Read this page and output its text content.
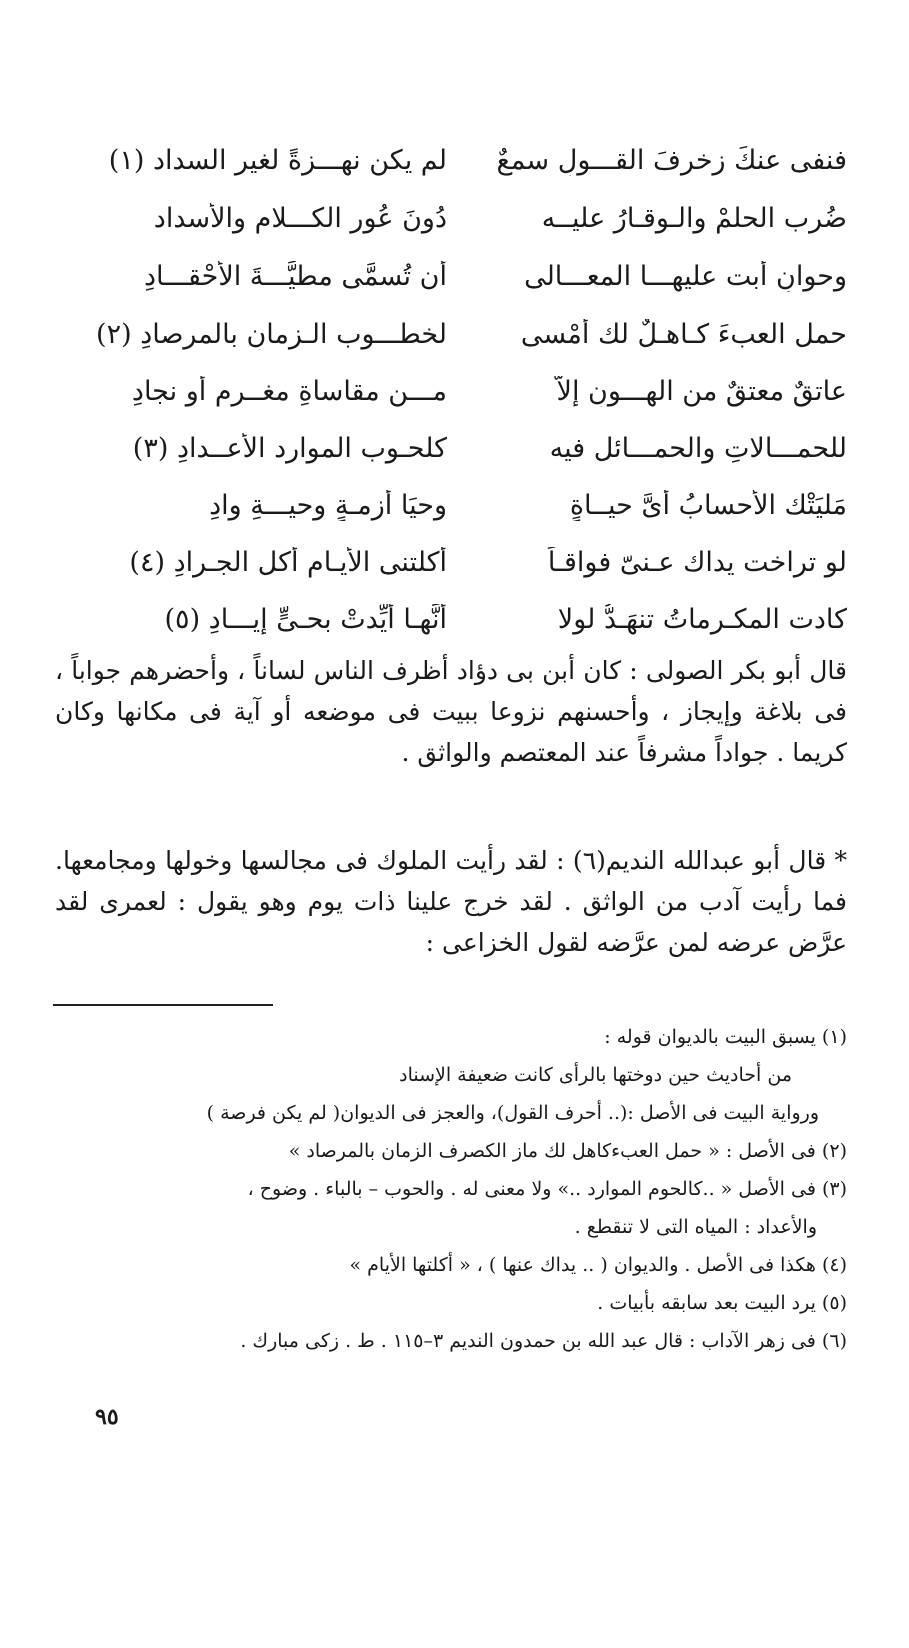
فنفى عنكَ زخرفَ القـــولِ سمعٌ
لم يكن نهـــزةً لغير السداد (١)
ضُرب الحلمْ والـوقـارُ عليــه
دُونَ عُورِ الكـــلام والأسداد
وحوانٍ أبت عليهـــا المعـــالى
أن تُسمَّى مطيَّـــةَ الأحْقـــادِ
حمل العبءَ كـاهـلٌ لك أمْسى
لخطـــوب الـزمانِ بالمرصادِ (٢)
عاتقٌ معتقٌ من الهـــونِ إلاَّ
مـــن مقاساةِ مغــرمٍ أو نجادِ
للحمـــالاتِ والحمـــائل فيه
كلحـوب الموارد الأعــدادِ (٣)
مَليَتْك الأحسابُ أىَّ حيــاةٍ
وحيَا أزمـةٍ وحيـــةِ وادِ
لو تراخت يداك عـنىّ فواقـاً
أكلتنى الأيـام أكل الجـرادِ (٤)
كادت المكـرماتُ تنهَـدُّ لولا
أنَّهـا أُيِّدتْ بحـىٍّ إيـــادِ (٥)

قال أبو بكر الصولى : كان أبن بى دؤاد أظرف الناس لساناً ، وأحضرهم جواباً ، فى بلاغة وإيجاز ، وأحسنهم نزوعا ببيت فى موضعه أو آية فى مكانها وكان كريما . جواداً مشرفاً عند المعتصم والواثق .

* قال أبو عبدالله النديم(٦) : لقد رأيت الملوك فى مجالسها وخولها ومجامعها. فما رأيت آدب من الواثق . لقد خرج علينا ذات يوم وهو يقول : لعمرى لقد عرَّض عرضه لمن عرَّضه لقول الخزاعى :

(١) يسبق البيت بالديوان قوله :

من أحاديث حين دوختها بالرأى كانت ضعيفة الإسناد

ورواية البيت فى الأصل :(.. أحرف القول)، والعجز فى الديوان( لم يكن فرصة )

(٢) فى الأصل : « حمل العبءكاهل لك ماز الكصرف الزمان بالمرصاد »

(٣) فى الأصل « ..كالحوم الموارد ..» ولا معنى له . والحوب – بالباء . وضوح ،

والأعداد : المياه التى لا تنقطع .

(٤) هكذا فى الأصل . والديوان ( .. يداك عنها ) ، « أكلتها الأيام »

(٥) يرد البيت بعد سابقه بأبيات .

(٦) فى زهر الآداب : قال عبد الله بن حمدون النديم ٣–١١٥ . ط . زكى مبارك .

٩٥
